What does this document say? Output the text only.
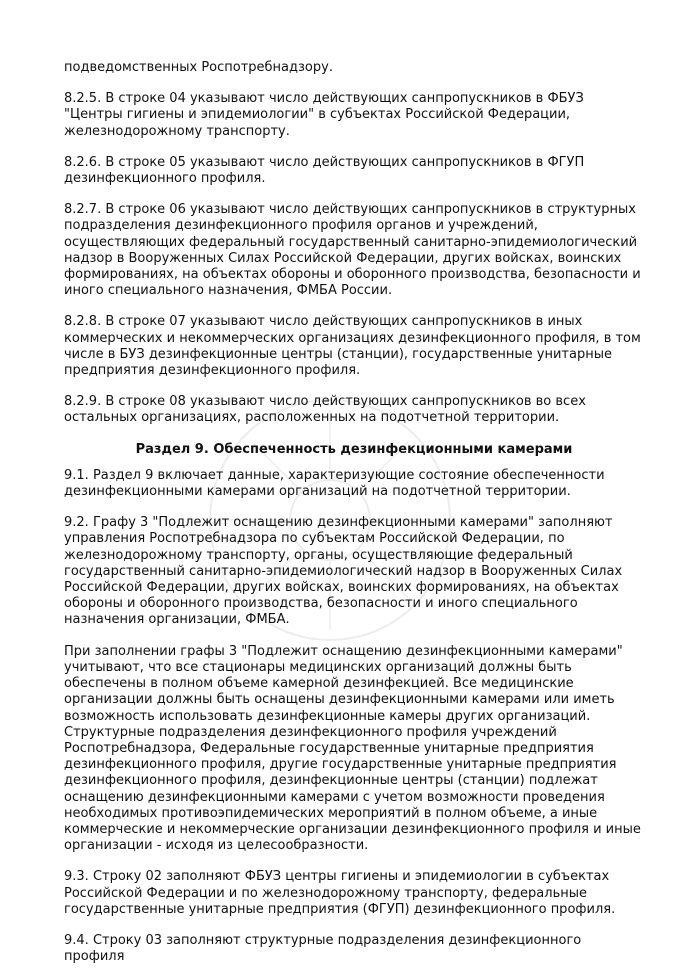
подведомственных Роспотребнадзору.

8.2.5. В строке 04 указывают число действующих санпропускников в ФБУЗ "Центры гигиены и эпидемиологии" в субъектах Российской Федерации, железнодорожному транспорту.

8.2.6. В строке 05 указывают число действующих санпропускников в ФГУП дезинфекционного профиля.

8.2.7. В строке 06 указывают число действующих санпропускников в структурных подразделения дезинфекционного профиля органов и учреждений, осуществляющих федеральный государственный санитарно-эпидемиологический надзор в Вооруженных Силах Российской Федерации, других войсках, воинских формированиях, на объектах обороны и оборонного производства, безопасности и иного специального назначения, ФМБА России.

8.2.8. В строке 07 указывают число действующих санпропускников в иных коммерческих и некоммерческих организациях дезинфекционного профиля, в том числе в БУЗ дезинфекционные центры (станции), государственные унитарные предприятия дезинфекционного профиля.

8.2.9. В строке 08 указывают число действующих санпропускников во всех остальных организациях, расположенных на подотчетной территории.

Раздел 9. Обеспеченность дезинфекционными камерами

9.1. Раздел 9 включает данные, характеризующие состояние обеспеченности дезинфекционными камерами организаций на подотчетной территории.

9.2. Графу 3 "Подлежит оснащению дезинфекционными камерами" заполняют управления Роспотребнадзора по субъектам Российской Федерации, по железнодорожному транспорту, органы, осуществляющие федеральный государственный санитарно-эпидемиологический надзор в Вооруженных Силах Российской Федерации, других войсках, воинских формированиях, на объектах обороны и оборонного производства, безопасности и иного специального назначения организации, ФМБА.

При заполнении графы 3 "Подлежит оснащению дезинфекционными камерами" учитывают, что все стационары медицинских организаций должны быть обеспечены в полном объеме камерной дезинфекцией. Все медицинские организации должны быть оснащены дезинфекционными камерами или иметь возможность использовать дезинфекционные камеры других организаций. Структурные подразделения дезинфекционного профиля учреждений Роспотребнадзора, Федеральные государственные унитарные предприятия дезинфекционного профиля, другие государственные унитарные предприятия дезинфекционного профиля, дезинфекционные центры (станции) подлежат оснащению дезинфекционными камерами с учетом возможности проведения необходимых противоэпидемических мероприятий в полном объеме, а иные коммерческие и некоммерческие организации дезинфекционного профиля и иные организации - исходя из целесообразности.

9.3. Строку 02 заполняют ФБУЗ центры гигиены и эпидемиологии в субъектах Российской Федерации и по железнодорожному транспорту, федеральные государственные унитарные предприятия (ФГУП) дезинфекционного профиля.

9.4. Строку 03 заполняют структурные подразделения дезинфекционного профиля
